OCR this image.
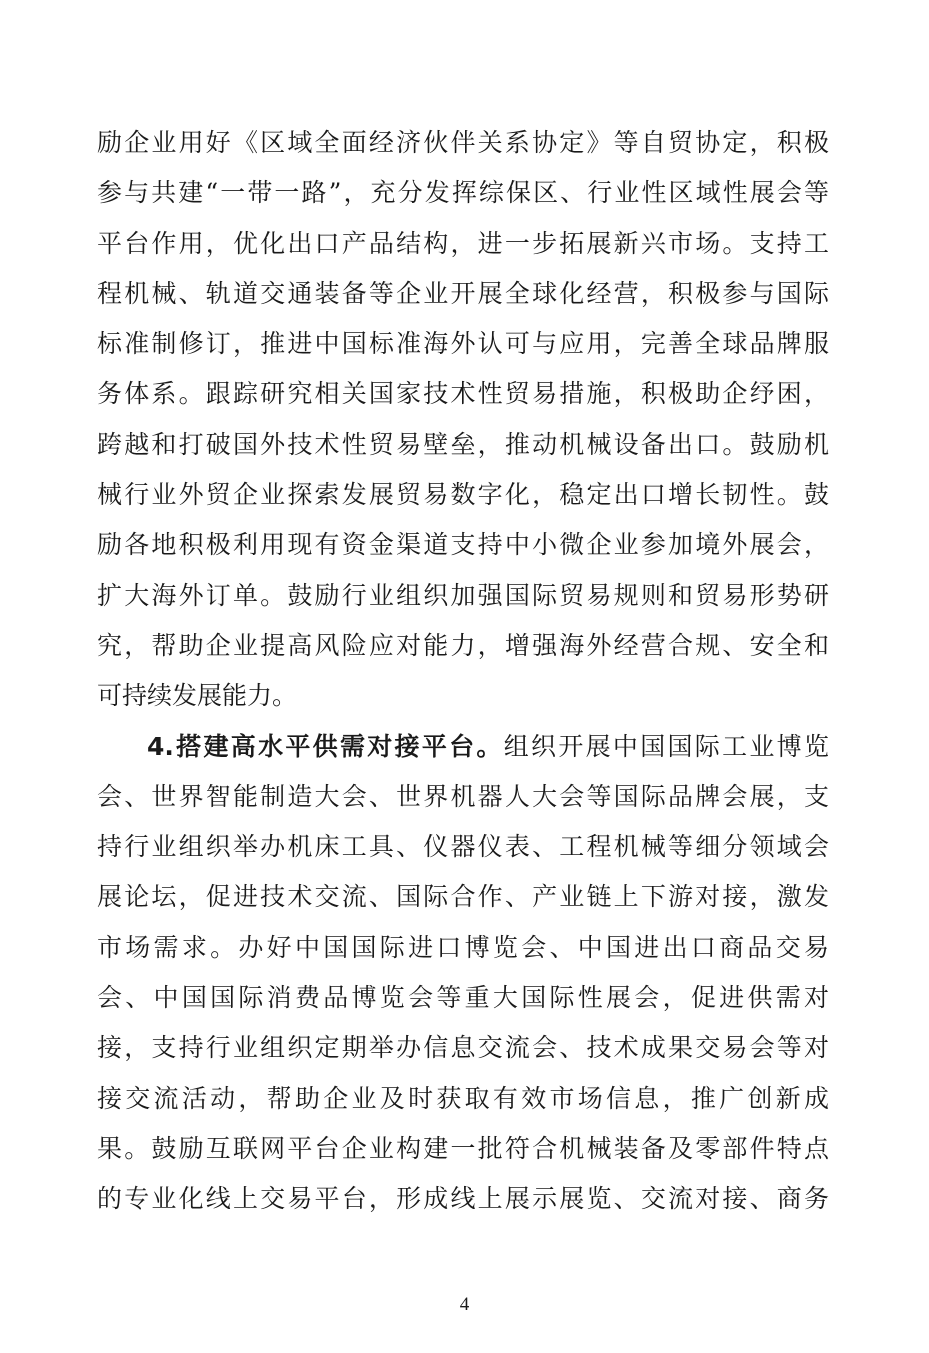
励企业用好《区域全面经济伙伴关系协定》等自贸协定，积极
参与共建“一带一路”，充分发挥综保区、行业性区域性展会等
平台作用，优化出口产品结构，进一步拓展新兴市场。支持工
程机械、轨道交通装备等企业开展全球化经营，积极参与国际
标准制修订，推进中国标准海外认可与应用，完善全球品牌服
务体系。跟踪研究相关国家技术性贸易措施，积极助企纾困，
跨越和打破国外技术性贸易壁垒，推动机械设备出口。鼓励机
械行业外贸企业探索发展贸易数字化，稳定出口增长韧性。鼓
励各地积极利用现有资金渠道支持中小微企业参加境外展会，
扩大海外订单。鼓励行业组织加强国际贸易规则和贸易形势研
究，帮助企业提高风险应对能力，增强海外经营合规、安全和
可持续发展能力。
4.搭建高水平供需对接平台。组织开展中国国际工业博览
会、世界智能制造大会、世界机器人大会等国际品牌会展，支
持行业组织举办机床工具、仪器仪表、工程机械等细分领域会
展论坛，促进技术交流、国际合作、产业链上下游对接，激发
市场需求。办好中国国际进口博览会、中国进出口商品交易
会、中国国际消费品博览会等重大国际性展会，促进供需对
接，支持行业组织定期举办信息交流会、技术成果交易会等对
接交流活动，帮助企业及时获取有效市场信息，推广创新成
果。鼓励互联网平台企业构建一批符合机械装备及零部件特点
的专业化线上交易平台，形成线上展示展览、交流对接、商务
4
